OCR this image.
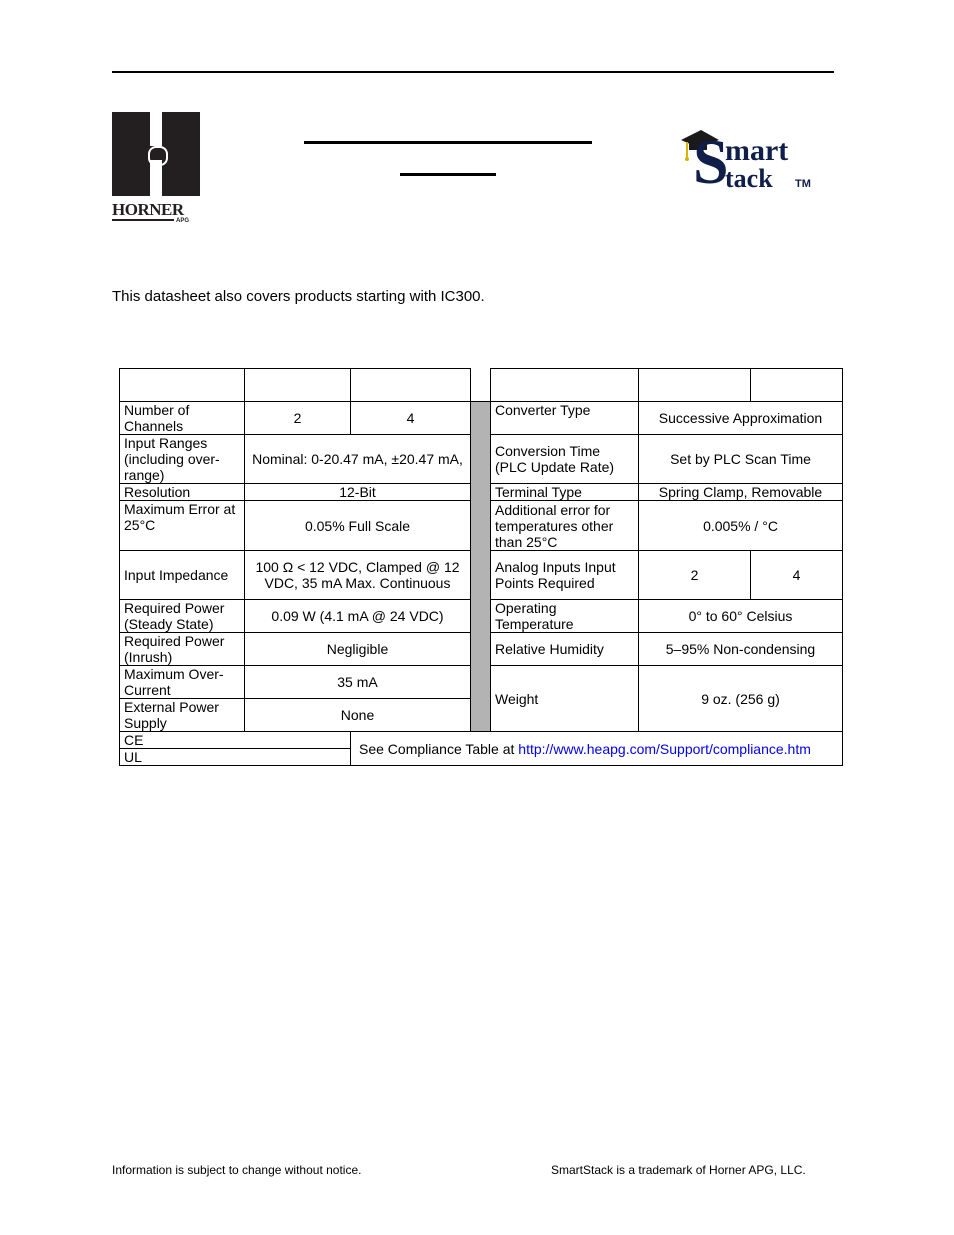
HORNER
APG
S
mart
tack TM
This datasheet also covers products starting with IC300.

Number of Channels	2	4		Converter Type	Successive Approximation	
Input Ranges (including over-range)	Nominal: 0-20.47 mA, ±20.47 mA,			Conversion Time (PLC Update Rate)	Set by PLC Scan Time	
Resolution	12-Bit			Terminal Type	Spring Clamp, Removable	
Maximum Error at 25°C	0.05% Full Scale			Additional error for temperatures other than 25°C	0.005% / °C	
Input Impedance	100 Ω < 12 VDC, Clamped @ 12 VDC, 35 mA Max. Continuous			Analog Inputs Input Points Required	2	4
Required Power (Steady State)	0.09 W (4.1 mA @ 24 VDC)			Operating Temperature	0° to 60° Celsius	
Required Power (Inrush)	Negligible			Relative Humidity	5–95% Non-condensing	
Maximum Over-Current	35 mA			Weight	9 oz. (256 g)	
External Power Supply	None					
CE		See Compliance Table at http://www.heapg.com/Support/compliance.htm				
UL						
Information is subject to change without notice.	SmartStack is a trademark of Horner APG, LLC.
